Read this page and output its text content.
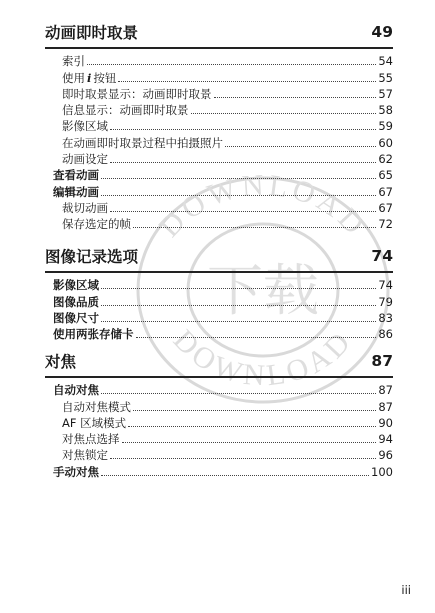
DOWNLOAD
DOWNLOAD
下载
动画即时取景	49
索引	54
使用 i 按钮	55
即时取景显示：动画即时取景	57
信息显示：动画即时取景	58
影像区域	59
在动画即时取景过程中拍摄照片	60
动画设定	62
查看动画	65
编辑动画	67
裁切动画	67
保存选定的帧	72
图像记录选项	74
影像区域	74
图像品质	79
图像尺寸	83
使用两张存储卡	86
对焦	87
自动对焦	87
自动对焦模式	87
AF 区域模式	90
对焦点选择	94
对焦锁定	96
手动对焦	100
iii
